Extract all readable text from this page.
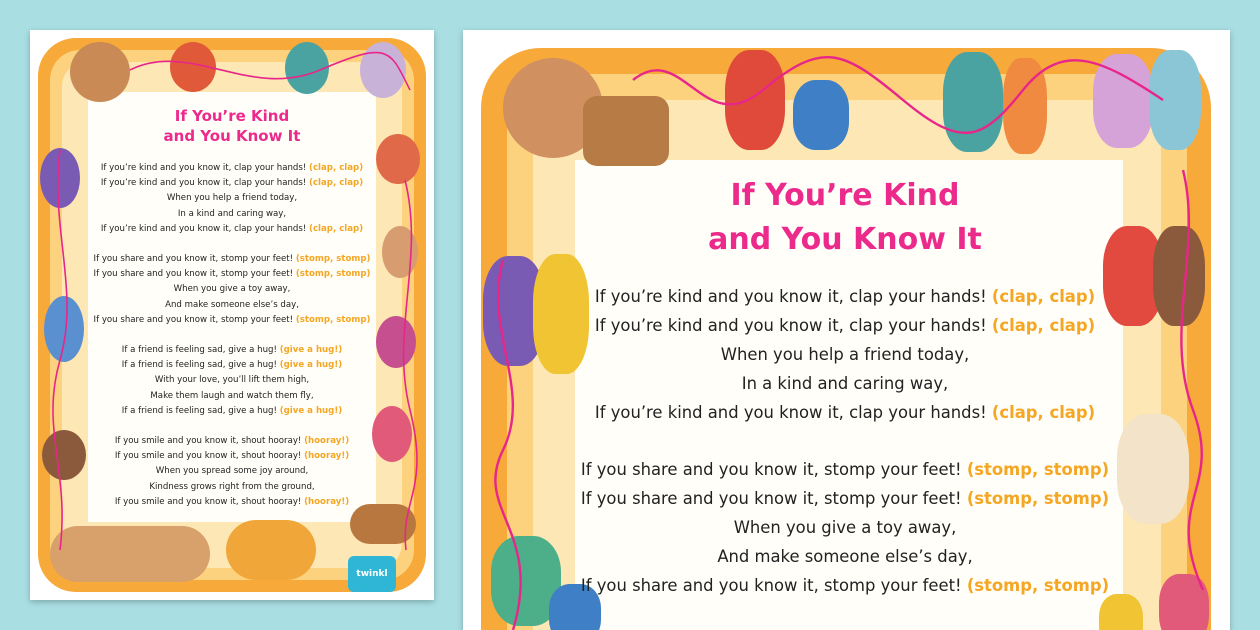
If You’re Kind
and You Know It
If you’re kind and you know it, clap your hands! (clap, clap)
If you’re kind and you know it, clap your hands! (clap, clap)
When you help a friend today,
In a kind and caring way,
If you’re kind and you know it, clap your hands! (clap, clap)
If you share and you know it, stomp your feet! (stomp, stomp)
If you share and you know it, stomp your feet! (stomp, stomp)
When you give a toy away,
And make someone else’s day,
If you share and you know it, stomp your feet! (stomp, stomp)
If a friend is feeling sad, give a hug! (give a hug!)
If a friend is feeling sad, give a hug! (give a hug!)
With your love, you’ll lift them high,
Make them laugh and watch them fly,
If a friend is feeling sad, give a hug! (give a hug!)
If you smile and you know it, shout hooray! (hooray!)
If you smile and you know it, shout hooray! (hooray!)
When you spread some joy around,
Kindness grows right from the ground,
If you smile and you know it, shout hooray! (hooray!)
twinkl
If You’re Kind
and You Know It
If you’re kind and you know it, clap your hands! (clap, clap)
If you’re kind and you know it, clap your hands! (clap, clap)
When you help a friend today,
In a kind and caring way,
If you’re kind and you know it, clap your hands! (clap, clap)
If you share and you know it, stomp your feet! (stomp, stomp)
If you share and you know it, stomp your feet! (stomp, stomp)
When you give a toy away,
And make someone else’s day,
If you share and you know it, stomp your feet! (stomp, stomp)
